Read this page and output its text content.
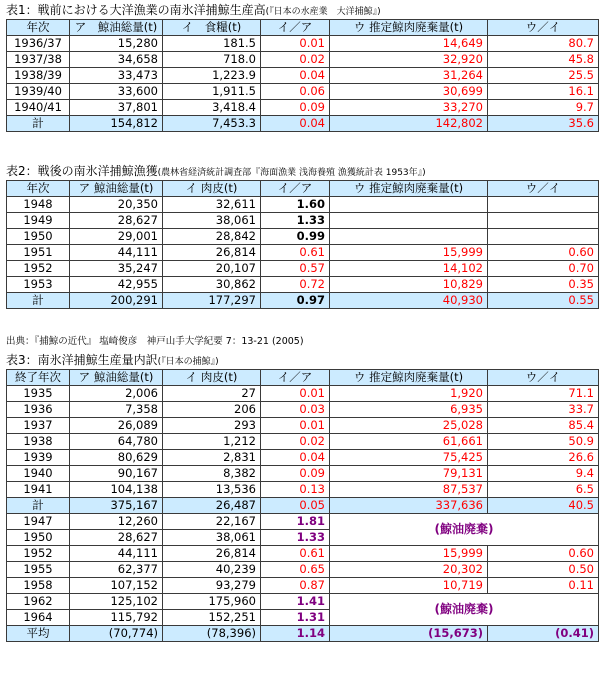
表1：戦前における大洋漁業の南氷洋捕鯨生産高(『日本の水産業　大洋捕鯨』)
年次	ア　鯨油総量(t)	イ　食糧(t)	イ／ア	ウ 推定鯨肉廃棄量(t)	ウ／イ
1936/37	15,280	181.5	0.01	14,649	80.7
1937/38	34,658	718.0	0.02	32,920	45.8
1938/39	33,473	1,223.9	0.04	31,264	25.5
1939/40	33,600	1,911.5	0.06	30,699	16.1
1940/41	37,801	3,418.4	0.09	33,270	9.7
計	154,812	7,453.3	0.04	142,802	35.6
表2：戦後の南氷洋捕鯨漁獲(農林省経済統計調査部『海面漁業 浅海養殖 漁獲統計表 1953年』)
年次	ア 鯨油総量(t)	イ 肉皮(t)	イ／ア	ウ 推定鯨肉廃棄量(t)	ウ／イ
1948	20,350	32,611	1.60		
1949	28,627	38,061	1.33		
1950	29,001	28,842	0.99		
1951	44,111	26,814	0.61	15,999	0.60
1952	35,247	20,107	0.57	14,102	0.70
1953	42,955	30,862	0.72	10,829	0.35
計	200,291	177,297	0.97	40,930	0.55
出典：『捕鯨の近代』 塩崎俊彦　神戸山手大学紀要 7：13-21 (2005)
表3：南氷洋捕鯨生産量内訳(『日本の捕鯨』)
終了年次	ア 鯨油総量(t)	イ 肉皮(t)	イ／ア	ウ 推定鯨肉廃棄量(t)	ウ／イ
1935	2,006	27	0.01	1,920	71.1
1936	7,358	206	0.03	6,935	33.7
1937	26,089	293	0.01	25,028	85.4
1938	64,780	1,212	0.02	61,661	50.9
1939	80,629	2,831	0.04	75,425	26.6
1940	90,167	8,382	0.09	79,131	9.4
1941	104,138	13,536	0.13	87,537	6.5
計	375,167	26,487	0.05	337,636	40.5
1947	12,260	22,167	1.81	(鯨油廃棄)	
1950	28,627	38,061	1.33		
1952	44,111	26,814	0.61	15,999	0.60
1955	62,377	40,239	0.65	20,302	0.50
1958	107,152	93,279	0.87	10,719	0.11
1962	125,102	175,960	1.41	(鯨油廃棄)	
1964	115,792	152,251	1.31		
平均	(70,774)	(78,396)	1.14	(15,673)	(0.41)
